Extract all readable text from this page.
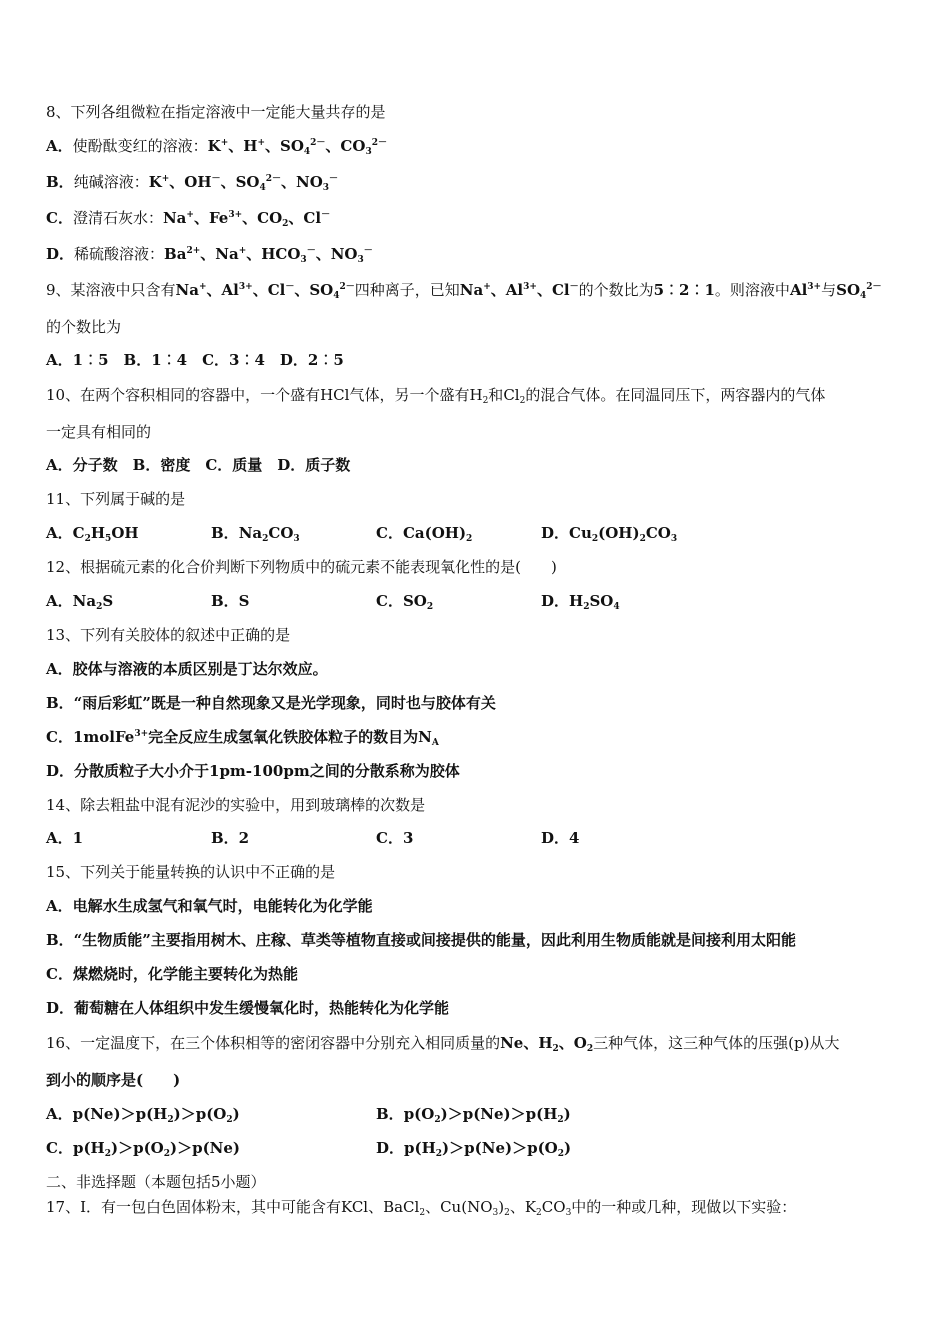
8、下列各组微粒在指定溶液中一定能大量共存的是
A．使酚酞变红的溶液：K+、H+、$SO_4^{2-}$、$CO_3^{2-}$
B．纯碱溶液：K+、OH－、$SO_4^{2-}$、$NO_3^-$
C．澄清石灰水：Na+、$Fe^{3+}$、$CO_2$、Cl－
D．稀硫酸溶液：$Ba^{2+}$、Na+、$HCO_3^-$、$NO_3^-$
9、某溶液中只含有Na+、$Al^{3+}$、Cl－、$SO_4^{2-}$四种离子，已知Na+、$Al^{3+}$、Cl－的个数比为5︰2︰1。则溶液中$Al^{3+}$与$SO_4^{2-}$
的个数比为
A．1︰5　B．1︰4　C．3︰4　D．2︰5
10、在两个容积相同的容器中，一个盛有HCl气体，另一个盛有$H_2$和$Cl_2$的混合气体。在同温同压下，两容器内的气体
一定具有相同的
A．分子数　B．密度　C．质量　D．质子数
11、下列属于碱的是
A．$C_2H_5OH$	B．$Na_2CO_3$	C．$Ca(OH)_2$	D．$Cu_2(OH)_2CO_3$
12、根据硫元素的化合价判断下列物质中的硫元素不能表现氧化性的是(　　)
A．$Na_2S$	B．S	C．$SO_2$	D．$H_2SO_4$
13、下列有关胶体的叙述中正确的是
A．胶体与溶液的本质区别是丁达尔效应。
B．“雨后彩虹”既是一种自然现象又是光学现象，同时也与胶体有关
C．1molFe$^{3+}$完全反应生成氢氧化铁胶体粒子的数目为$N_A$
D．分散质粒子大小介于1pm-100pm之间的分散系称为胶体
14、除去粗盐中混有泥沙的实验中，用到玻璃棒的次数是
A．1	B．2	C．3	D．4
15、下列关于能量转换的认识中不正确的是
A．电解水生成氢气和氧气时，电能转化为化学能
B．“生物质能”主要指用树木、庄稼、草类等植物直接或间接提供的能量，因此利用生物质能就是间接利用太阳能
C．煤燃烧时，化学能主要转化为热能
D．葡萄糖在人体组织中发生缓慢氧化时，热能转化为化学能
16、一定温度下，在三个体积相等的密闭容器中分别充入相同质量的Ne、$H_2$、$O_2$三种气体，这三种气体的压强(p)从大
到小的顺序是(　　)
A．$p(Ne)>p(H_2)>p(O_2)$	B．$p(O_2)>p(Ne)>p(H_2)$
C．$p(H_2)>p(O_2)>p(Ne)$	D．$p(H_2)>p(Ne)>p(O_2)$
二、非选择题（本题包括5小题）
17、Ⅰ．有一包白色固体粉末，其中可能含有KCl、BaCl$_2$、$Cu(NO_3)_2$、$K_2CO_3$中的一种或几种，现做以下实验：
